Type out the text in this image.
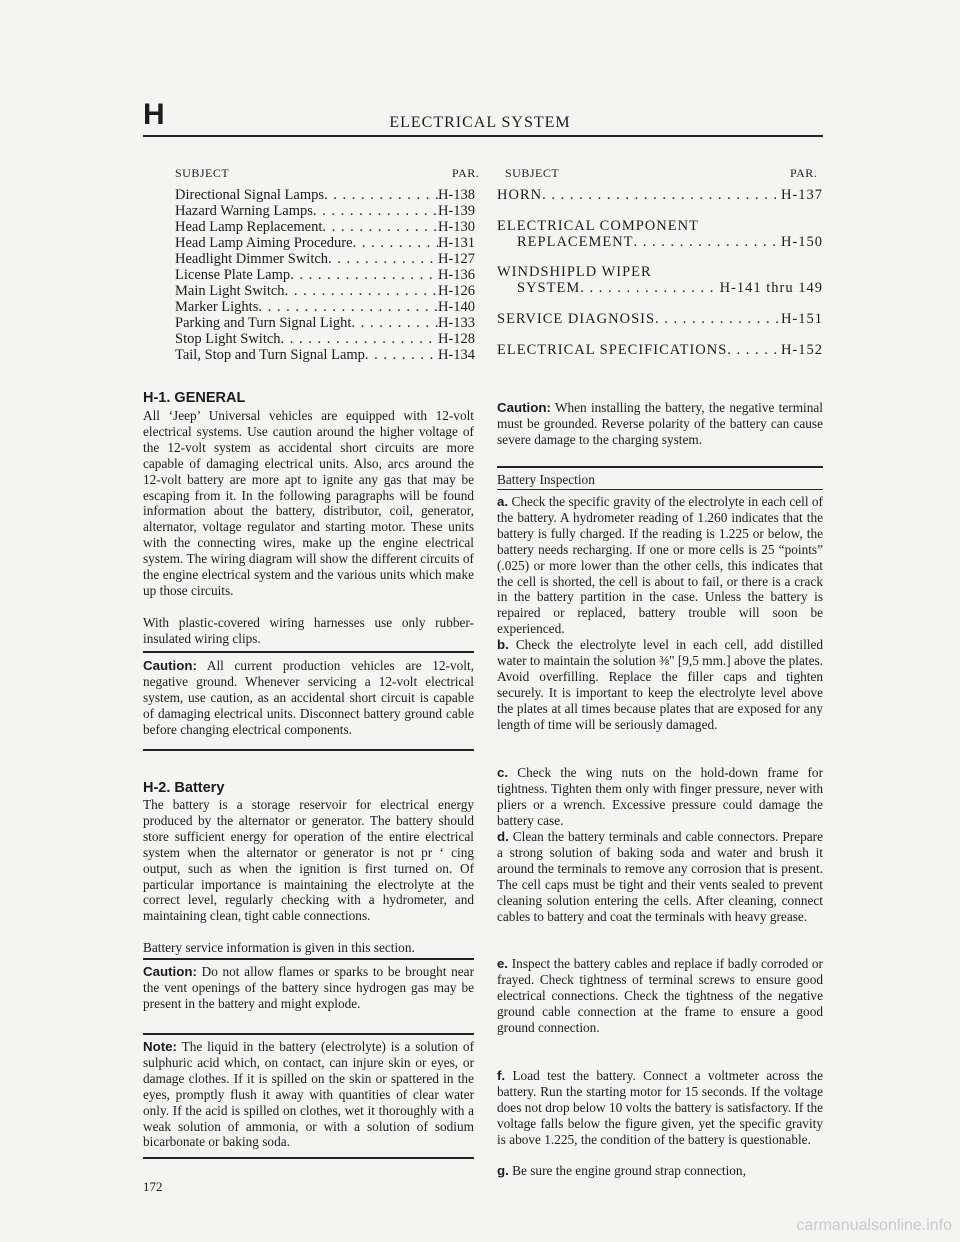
H	ELECTRICAL SYSTEM
SUBJECT	PAR.
Directional Signal Lamps . . .	H-138
Hazard Warning Lamps . . .	H-139
Head Lamp Replacement . . .	H-130
Head Lamp Aiming Procedure . . .	H-131
Headlight Dimmer Switch . . .	H-127
License Plate Lamp . . .	H-136
Main Light Switch . . .	H-126
Marker Lights . . .	H-140
Parking and Turn Signal Light . . .	H-133
Stop Light Switch . . .	H-128
Tail, Stop and Turn Signal Lamp . . .	H-134
SUBJECT	PAR.
HORN . . .	H-137
ELECTRICAL COMPONENT
REPLACEMENT . . .	H-150
WINDSHIPLD WIPER
SYSTEM . . .	H-141 thru 149
SERVICE DIAGNOSIS . . .	H-151
ELECTRICAL SPECIFICATIONS . . .	H-152
H-1. GENERAL
All ‘Jeep’ Universal vehicles are equipped with 12-volt electrical systems. Use caution around the higher voltage of the 12-volt system as accidental short circuits are more capable of damaging electrical units. Also, arcs around the 12-volt battery are more apt to ignite any gas that may be escaping from it. In the following paragraphs will be found information about the battery, distributor, coil, generator, alternator, voltage regulator and starting motor. These units with the connecting wires, make up the engine electrical system. The wiring diagram will show the different circuits of the engine electrical system and the various units which make up those circuits.
With plastic-covered wiring harnesses use only rubber-insulated wiring clips.
Caution: All current production vehicles are 12-volt, negative ground. Whenever servicing a 12-volt electrical system, use caution, as an accidental short circuit is capable of damaging electrical units. Disconnect battery ground cable before changing electrical components.
H-2. Battery
The battery is a storage reservoir for electrical energy produced by the alternator or generator. The battery should store sufficient energy for operation of the entire electrical system when the alternator or generator is not pr ‘ cing output, such as when the ignition is first turned on. Of particular importance is maintaining the electrolyte at the correct level, regularly checking with a hydrometer, and maintaining clean, tight cable connections.
Battery service information is given in this section.
Caution: Do not allow flames or sparks to be brought near the vent openings of the battery since hydrogen gas may be present in the battery and might explode.
Note: The liquid in the battery (electrolyte) is a solution of sulphuric acid which, on contact, can injure skin or eyes, or damage clothes. If it is spilled on the skin or spattered in the eyes, promptly flush it away with quantities of clear water only. If the acid is spilled on clothes, wet it thoroughly with a weak solution of ammonia, or with a solution of sodium bicarbonate or baking soda.
Caution: When installing the battery, the negative terminal must be grounded. Reverse polarity of the battery can cause severe damage to the charging system.
Battery Inspection
a. Check the specific gravity of the electrolyte in each cell of the battery. A hydrometer reading of 1.260 indicates that the battery is fully charged. If the reading is 1.225 or below, the battery needs recharging. If one or more cells is 25 “points” (.025) or more lower than the other cells, this indicates that the cell is shorted, the cell is about to fail, or there is a crack in the battery partition in the case. Unless the battery is repaired or replaced, battery trouble will soon be experienced.
b. Check the electrolyte level in each cell, add distilled water to maintain the solution ⅜" [9,5 mm.] above the plates. Avoid overfilling. Replace the filler caps and tighten securely. It is important to keep the electrolyte level above the plates at all times because plates that are exposed for any length of time will be seriously damaged.
c. Check the wing nuts on the hold-down frame for tightness. Tighten them only with finger pressure, never with pliers or a wrench. Excessive pressure could damage the battery case.
d. Clean the battery terminals and cable connectors. Prepare a strong solution of baking soda and water and brush it around the terminals to remove any corrosion that is present. The cell caps must be tight and their vents sealed to prevent cleaning solution entering the cells. After cleaning, connect cables to battery and coat the terminals with heavy grease.
e. Inspect the battery cables and replace if badly corroded or frayed. Check tightness of terminal screws to ensure good electrical connections. Check the tightness of the negative ground cable connection at the frame to ensure a good ground connection.
f. Load test the battery. Connect a voltmeter across the battery. Run the starting motor for 15 seconds. If the voltage does not drop below 10 volts the battery is satisfactory. If the voltage falls below the figure given, yet the specific gravity is above 1.225, the condition of the battery is questionable.
g. Be sure the engine ground strap connection,
172
carmanualsonline.info
